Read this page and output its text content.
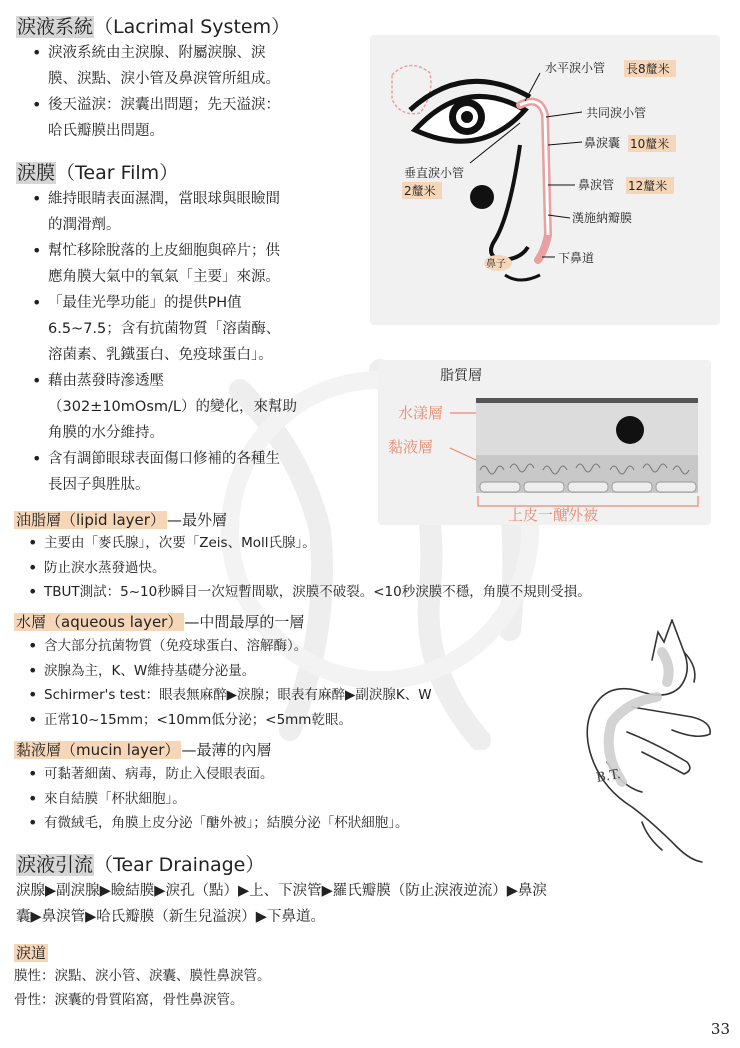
淚液系統（Lacrimal System）
• 淚液系統由主淚腺、附屬淚腺、淚
膜、淚點、淚小管及鼻淚管所組成。
• 後天溢淚：淚囊出問題；先天溢淚：
哈氏瓣膜出問題。
淚膜（Tear Film）
• 維持眼睛表面濕潤，當眼球與眼瞼間
的潤滑劑。
• 幫忙移除脫落的上皮細胞與碎片；供
應角膜大氣中的氧氣「主要」來源。
• 「最佳光學功能」的提供PH值
6.5~7.5；含有抗菌物質「溶菌酶、
溶菌素、乳鐵蛋白、免疫球蛋白」。
• 藉由蒸發時滲透壓
（302±10mOsm/L）的變化，來幫助
角膜的水分維持。
• 含有調節眼球表面傷口修補的各種生
長因子與胜肽。
水平淚小管 長8釐米
共同淚小管
鼻淚囊 10釐米
垂直淚小管
2釐米	鼻淚管 12釐米
漢施納瓣膜
下鼻道
鼻子
脂質層
水漾層
黏液層
上皮一醣外被
油脂層（lipid layer） —最外層
• 主要由「麥氏腺」，次要「Zeis、Moll氏腺」。
• 防止淚水蒸發過快。
• TBUT測試：5~10秒瞬目一次短暫間歇，淚膜不破裂。<10秒淚膜不穩，角膜不規則受損。
水層（aqueous layer） —中間最厚的一層
• 含大部分抗菌物質（免疫球蛋白、溶解酶）。
• 淚腺為主，K、W維持基礎分泌量。
• Schirmer's test：眼表無麻醉▶淚腺；眼表有麻醉▶副淚腺K、W
• 正常10~15mm；<10mm低分泌；<5mm乾眼。
黏液層（mucin layer） —最薄的內層
• 可黏著細菌、病毒，防止入侵眼表面。
• 來自結膜「杯狀細胞」。
• 有微絨毛，角膜上皮分泌「醣外被」；結膜分泌「杯狀細胞」。
B.T.
淚液引流（Tear Drainage）
淚腺▶副淚腺▶瞼結膜▶淚孔（點）▶上、下淚管▶羅氏瓣膜（防止淚液逆流）▶鼻淚
囊▶鼻淚管▶哈氏瓣膜（新生兒溢淚）▶下鼻道。
淚道
膜性：淚點、淚小管、淚囊、膜性鼻淚管。
骨性：淚囊的骨質陷窩，骨性鼻淚管。
33
